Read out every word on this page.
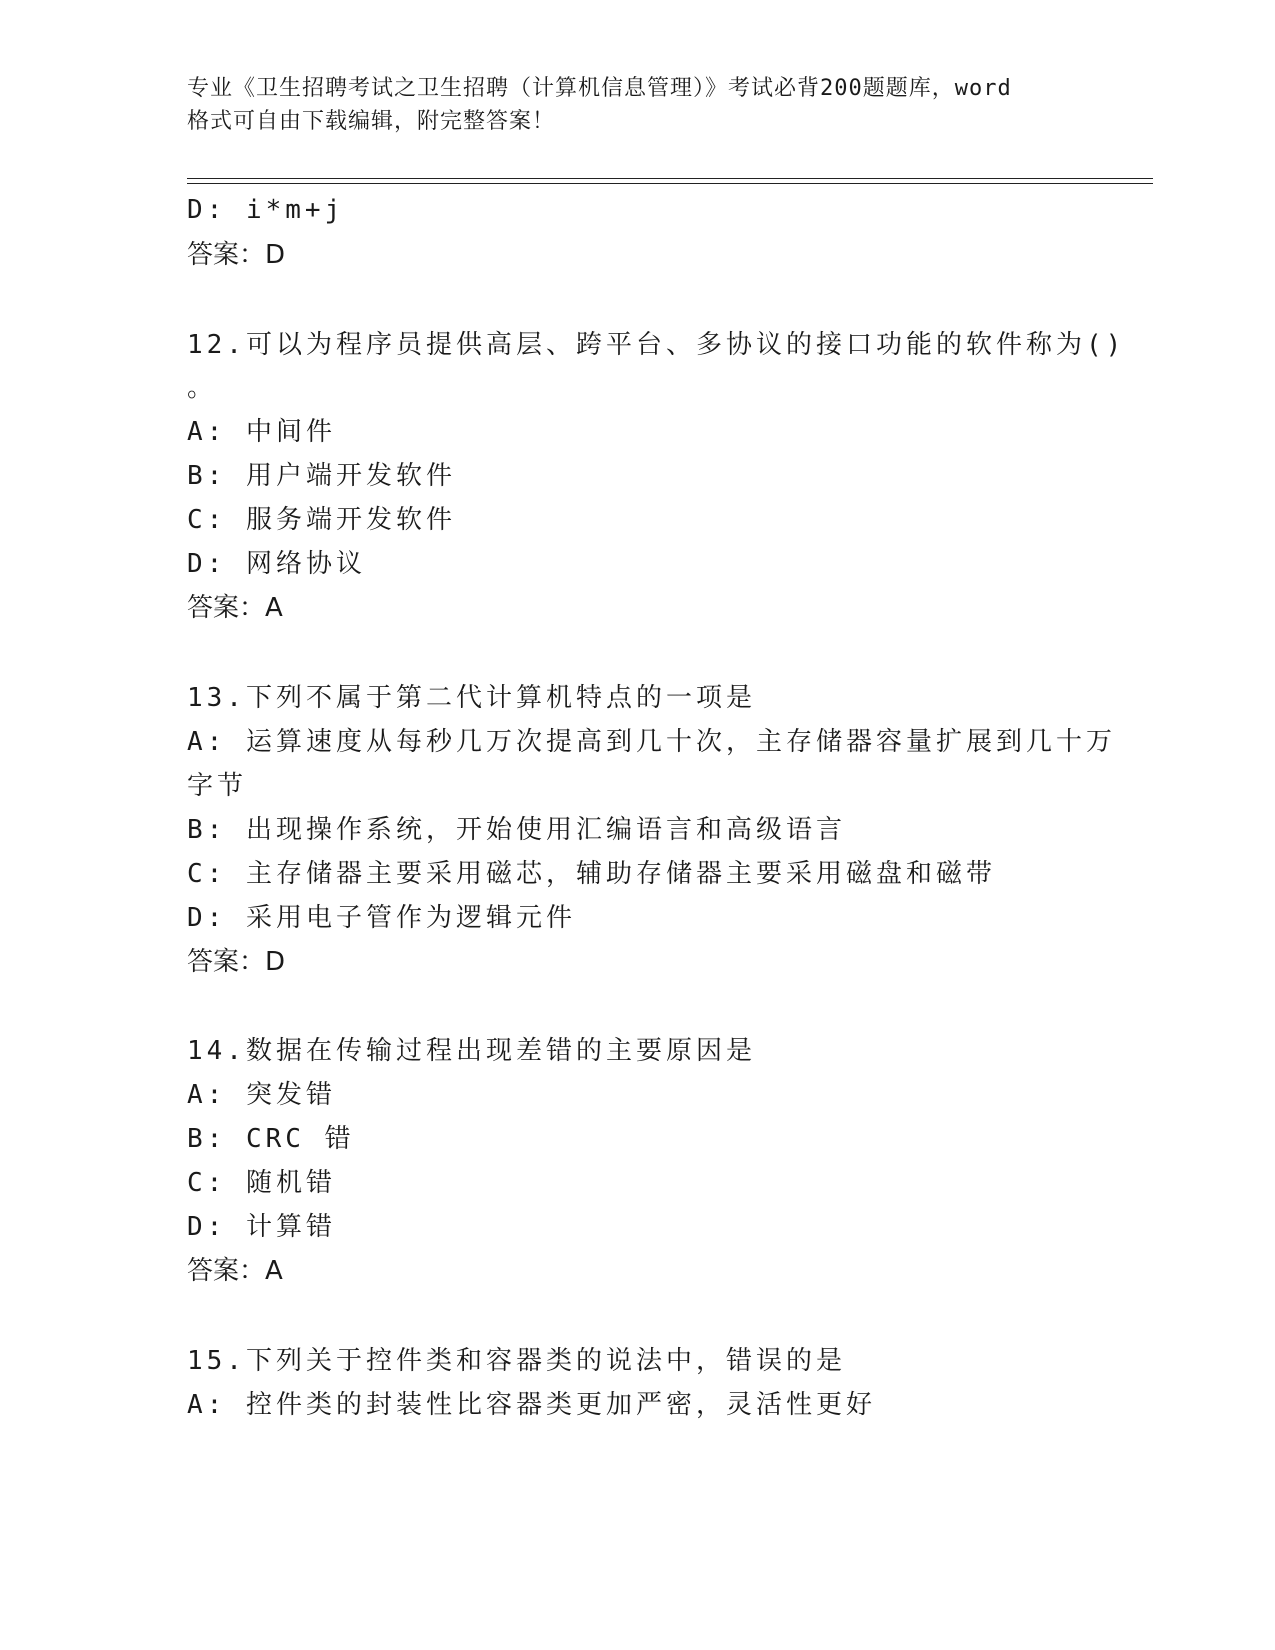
专业《卫生招聘考试之卫生招聘（计算机信息管理）》考试必背200题题库，word
格式可自由下载编辑，附完整答案！
D: i*m+j
答案：D
12.可以为程序员提供高层、跨平台、多协议的接口功能的软件称为()
。
A: 中间件
B: 用户端开发软件
C: 服务端开发软件
D: 网络协议
答案：A
13.下列不属于第二代计算机特点的一项是
A: 运算速度从每秒几万次提高到几十次，主存储器容量扩展到几十万
字节
B: 出现操作系统，开始使用汇编语言和高级语言
C: 主存储器主要采用磁芯，辅助存储器主要采用磁盘和磁带
D: 采用电子管作为逻辑元件
答案：D
14.数据在传输过程出现差错的主要原因是
A: 突发错
B: CRC 错
C: 随机错
D: 计算错
答案：A
15.下列关于控件类和容器类的说法中，错误的是
A: 控件类的封装性比容器类更加严密，灵活性更好
